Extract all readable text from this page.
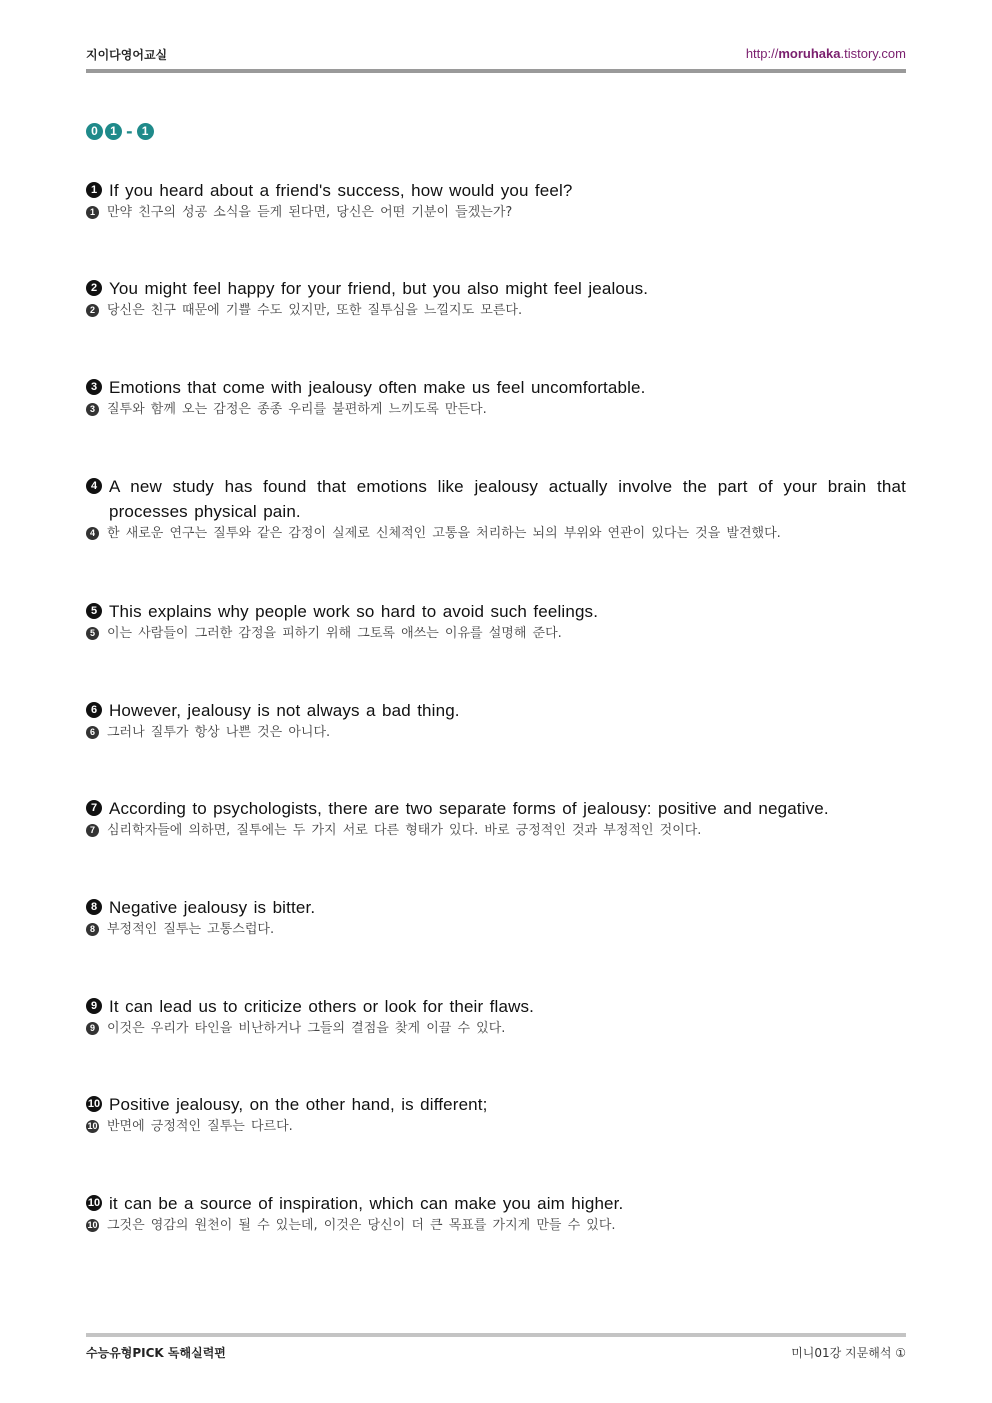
지이다영어교실	http://moruhaka.tistory.com
0	1 - 1
1 If you heard about a friend's success, how would you feel?
1 만약 친구의 성공 소식을 듣게 된다면, 당신은 어떤 기분이 들겠는가?
2 You might feel happy for your friend, but you also might feel jealous.
2 당신은 친구 때문에 기쁠 수도 있지만, 또한 질투심을 느낄지도 모른다.
3 Emotions that come with jealousy often make us feel uncomfortable.
3 질투와 함께 오는 감정은 종종 우리를 불편하게 느끼도록 만든다.
4 A new study has found that emotions like jealousy actually involve the part of your brain that processes physical pain.
4 한 새로운 연구는 질투와 같은 감정이 실제로 신체적인 고통을 처리하는 뇌의 부위와 연관이 있다는 것을 발견했다.
5 This explains why people work so hard to avoid such feelings.
5 이는 사람들이 그러한 감정을 피하기 위해 그토록 애쓰는 이유를 설명해 준다.
6 However, jealousy is not always a bad thing.
6 그러나 질투가 항상 나쁜 것은 아니다.
7 According to psychologists, there are two separate forms of jealousy: positive and negative.
7 심리학자들에 의하면, 질투에는 두 가지 서로 다른 형태가 있다. 바로 긍정적인 것과 부정적인 것이다.
8 Negative jealousy is bitter.
8 부정적인 질투는 고통스럽다.
9 It can lead us to criticize others or look for their flaws.
9 이것은 우리가 타인을 비난하거나 그들의 결점을 찾게 이끌 수 있다.
10 Positive jealousy, on the other hand, is different;
10 반면에 긍정적인 질투는 다르다.
10 it can be a source of inspiration, which can make you aim higher.
10 그것은 영감의 원천이 될 수 있는데, 이것은 당신이 더 큰 목표를 가지게 만들 수 있다.
수능유형PICK 독해실력편	미니01강 지문해석 ①
